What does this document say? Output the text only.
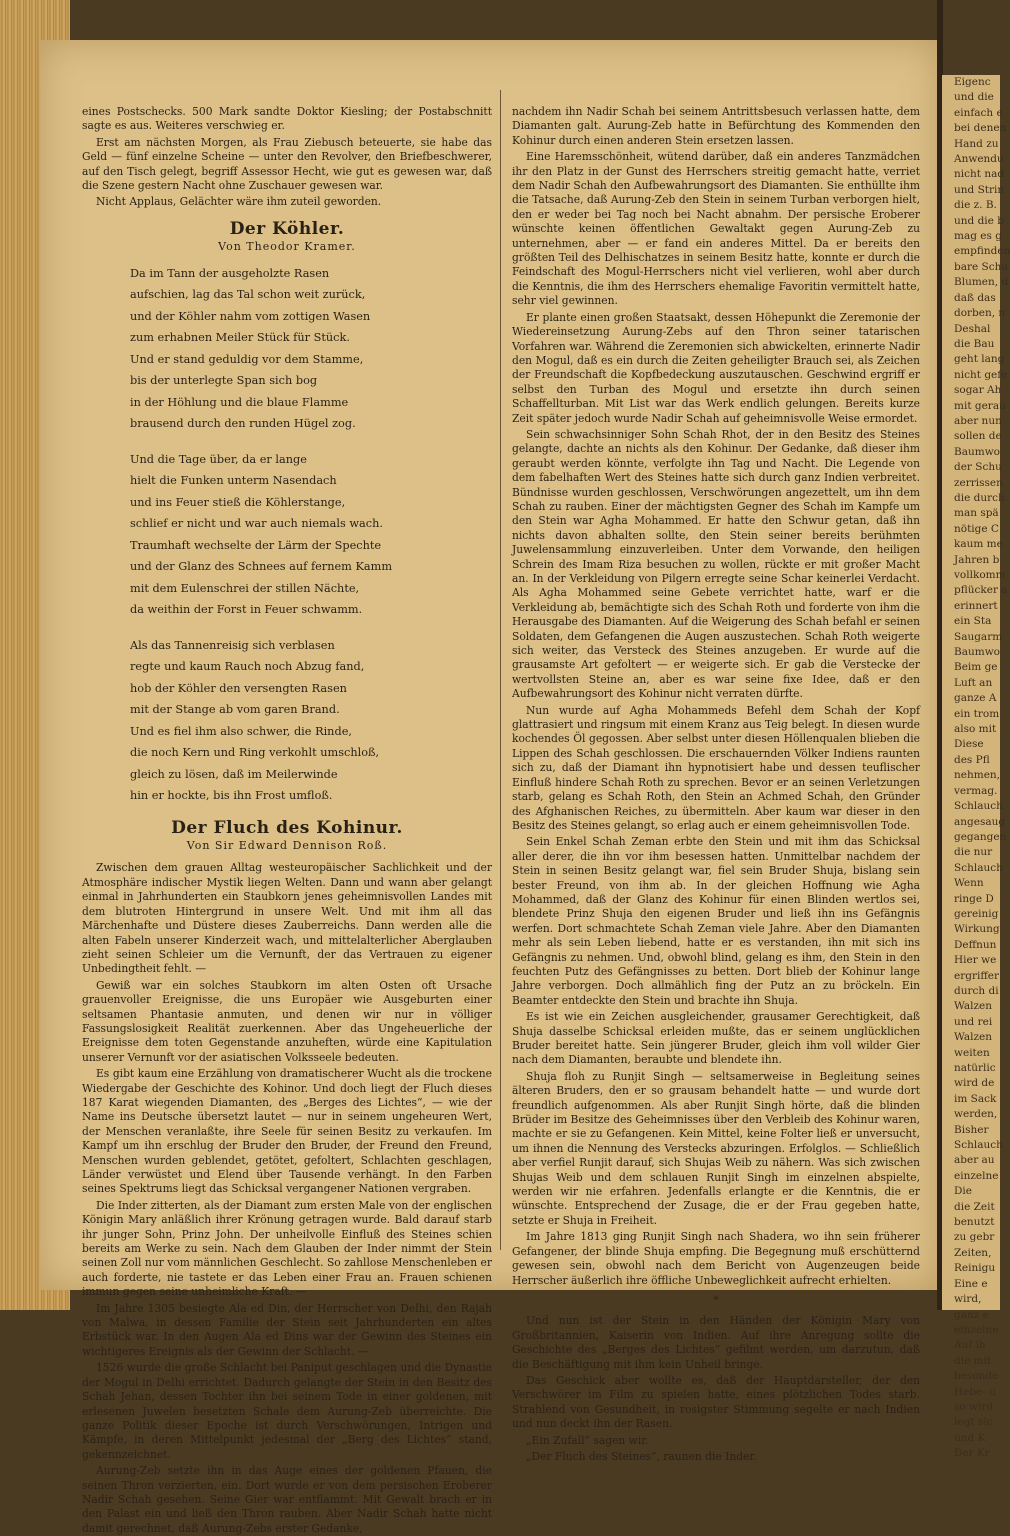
Eigenc
und die
einfach e
bei denen
Hand zu
Anwendu
nicht nad
und Strin
die z. B.
und die b
mag es g
empfinden
bare Schu
Blumen, d
daß das
dorben, n
Deshal
die Bau
geht lang
nicht gefe
sogar Ah
mit gerau
aber nun
sollen de
Baumwo
der Schu
zerrissen
die durch
man spä
nötige C
kaum me
Jahren b
vollkomm
pflücker a
erinnert
ein Sta
Saugarm
Baumwo
Beim ge
Luft an
ganze A
ein trom
also mit
Diese
des Pfl
nehmen,
vermag.
Schlauch
angesaug
gegangen
die nur
Schlauch
Wenn
ringe D
gereinig
Wirkung
Deffnun
Hier we
ergriffer
durch di
Walzen
und rei
Walzen
weiten
natürlic
wird de
im Sack
werden,
Bisher
Schlauch
aber au
einzelne
Die
die Zeit
benutzt
zu gebr
Zeiten,
Reinigu
Eine e
wird,
ganz e
einzelne
Auf ih
die mit
besonde
Hebe- u
so wird
legt sic
und K
Der Kr

eines Postschecks. 500 Mark sandte Doktor Kiesling; der Postabschnitt sagte es aus. Weiteres verschwieg er.

Erst am nächsten Morgen, als Frau Ziebusch beteuerte, sie habe das Geld — fünf einzelne Scheine — unter den Revolver, den Briefbeschwerer, auf den Tisch gelegt, begriff Assessor Hecht, wie gut es gewesen war, daß die Szene gestern Nacht ohne Zuschauer gewesen war.

Nicht Applaus, Gelächter wäre ihm zuteil geworden.

Der Köhler.
Von Theodor Kramer.
Da im Tann der ausgeholzte Rasen
aufschien, lag das Tal schon weit zurück,
und der Köhler nahm vom zottigen Wasen
zum erhabnen Meiler Stück für Stück.
Und er stand geduldig vor dem Stamme,
bis der unterlegte Span sich bog
in der Höhlung und die blaue Flamme
brausend durch den runden Hügel zog.
Und die Tage über, da er lange
hielt die Funken unterm Nasendach
und ins Feuer stieß die Köhlerstange,
schlief er nicht und war auch niemals wach.
Traumhaft wechselte der Lärm der Spechte
und der Glanz des Schnees auf fernem Kamm
mit dem Eulenschrei der stillen Nächte,
da weithin der Forst in Feuer schwamm.
Als das Tannenreisig sich verblasen
regte und kaum Rauch noch Abzug fand,
hob der Köhler den versengten Rasen
mit der Stange ab vom garen Brand.
Und es fiel ihm also schwer, die Rinde,
die noch Kern und Ring verkohlt umschloß,
gleich zu lösen, daß im Meilerwinde
hin er hockte, bis ihn Frost umfloß.
Der Fluch des Kohinur.
Von Sir Edward Dennison Roß.

Zwischen dem grauen Alltag westeuropäischer Sachlichkeit und der Atmosphäre indischer Mystik liegen Welten. Dann und wann aber gelangt einmal in Jahrhunderten ein Staubkorn jenes geheimnisvollen Landes mit dem blutroten Hintergrund in unsere Welt. Und mit ihm all das Märchenhafte und Düstere dieses Zauberreichs. Dann werden alle die alten Fabeln unserer Kinderzeit wach, und mittelalterlicher Aberglauben zieht seinen Schleier um die Vernunft, der das Vertrauen zu eigener Unbedingtheit fehlt. —

Gewiß war ein solches Staubkorn im alten Osten oft Ursache grauenvoller Ereignisse, die uns Europäer wie Ausgeburten einer seltsamen Phantasie anmuten, und denen wir nur in völliger Fassungslosigkeit Realität zuerkennen. Aber das Ungeheuerliche der Ereignisse dem toten Gegenstande anzuheften, würde eine Kapitulation unserer Vernunft vor der asiatischen Volksseele bedeuten.

Es gibt kaum eine Erzählung von dramatischerer Wucht als die trockene Wiedergabe der Geschichte des Kohinor. Und doch liegt der Fluch dieses 187 Karat wiegenden Diamanten, des „Berges des Lichtes“, — wie der Name ins Deutsche übersetzt lautet — nur in seinem ungeheuren Wert, der Menschen veranlaßte, ihre Seele für seinen Besitz zu verkaufen. Im Kampf um ihn erschlug der Bruder den Bruder, der Freund den Freund, Menschen wurden geblendet, getötet, gefoltert, Schlachten geschlagen, Länder verwüstet und Elend über Tausende verhängt. In den Farben seines Spektrums liegt das Schicksal vergangener Nationen vergraben.

Die Inder zitterten, als der Diamant zum ersten Male von der englischen Königin Mary anläßlich ihrer Krönung getragen wurde. Bald darauf starb ihr junger Sohn, Prinz John. Der unheilvolle Einfluß des Steines schien bereits am Werke zu sein. Nach dem Glauben der Inder nimmt der Stein seinen Zoll nur vom männlichen Geschlecht. So zahllose Menschenleben er auch forderte, nie tastete er das Leben einer Frau an. Frauen schienen immun gegen seine unheimliche Kraft. —

Im Jahre 1305 besiegte Ala ed Din, der Herrscher von Delhi, den Rajah von Malwa, in dessen Familie der Stein seit Jahrhunderten ein altes Erbstück war. In den Augen Ala ed Dins war der Gewinn des Steines ein wichtigeres Ereignis als der Gewinn der Schlacht. —

1526 wurde die große Schlacht bei Paniput geschlagen und die Dynastie der Mogul in Delhi errichtet. Dadurch gelangte der Stein in den Besitz des Schah Jehan, dessen Tochter ihn bei seinem Tode in einer goldenen, mit erlesenen Juwelen besetzten Schale dem Aurung-Zeb überreichte. Die ganze Politik dieser Epoche ist durch Verschwörungen, Intrigen und Kämpfe, in deren Mittelpunkt jedesmal der „Berg des Lichtes“ stand, gekennzeichnet.

Aurung-Zeb setzte ihn in das Auge eines der goldenen Pfauen, die seinen Thron verzierten, ein. Dort wurde er von dem persischen Eroberer Nadir Schah gesehen. Seine Gier war entflammt. Mit Gewalt brach er in den Palast ein und ließ den Thron rauben. Aber Nadir Schah hatte nicht damit gerechnet, daß Aurung-Zebs erster Gedanke,

nachdem ihn Nadir Schah bei seinem Antrittsbesuch verlassen hatte, dem Diamanten galt. Aurung-Zeb hatte in Befürchtung des Kommenden den Kohinur durch einen anderen Stein ersetzen lassen.

Eine Haremsschönheit, wütend darüber, daß ein anderes Tanzmädchen ihr den Platz in der Gunst des Herrschers streitig gemacht hatte, verriet dem Nadir Schah den Aufbewahrungsort des Diamanten. Sie enthüllte ihm die Tatsache, daß Aurung-Zeb den Stein in seinem Turban verborgen hielt, den er weder bei Tag noch bei Nacht abnahm. Der persische Eroberer wünschte keinen öffentlichen Gewaltakt gegen Aurung-Zeb zu unternehmen, aber — er fand ein anderes Mittel. Da er bereits den größten Teil des Delhischatzes in seinem Besitz hatte, konnte er durch die Feindschaft des Mogul-Herrschers nicht viel verlieren, wohl aber durch die Kenntnis, die ihm des Herrschers ehemalige Favoritin vermittelt hatte, sehr viel gewinnen.

Er plante einen großen Staatsakt, dessen Höhepunkt die Zeremonie der Wiedereinsetzung Aurung-Zebs auf den Thron seiner tatarischen Vorfahren war. Während die Zeremonien sich abwickelten, erinnerte Nadir den Mogul, daß es ein durch die Zeiten geheiligter Brauch sei, als Zeichen der Freundschaft die Kopfbedeckung auszutauschen. Geschwind ergriff er selbst den Turban des Mogul und ersetzte ihn durch seinen Schaffellturban. Mit List war das Werk endlich gelungen. Bereits kurze Zeit später jedoch wurde Nadir Schah auf geheimnisvolle Weise ermordet.

Sein schwachsinniger Sohn Schah Rhot, der in den Besitz des Steines gelangte, dachte an nichts als den Kohinur. Der Gedanke, daß dieser ihm geraubt werden könnte, verfolgte ihn Tag und Nacht. Die Legende von dem fabelhaften Wert des Steines hatte sich durch ganz Indien verbreitet. Bündnisse wurden geschlossen, Verschwörungen angezettelt, um ihn dem Schah zu rauben. Einer der mächtigsten Gegner des Schah im Kampfe um den Stein war Agha Mohammed. Er hatte den Schwur getan, daß ihn nichts davon abhalten sollte, den Stein seiner bereits berühmten Juwelensammlung einzuverleiben. Unter dem Vorwande, den heiligen Schrein des Imam Riza besuchen zu wollen, rückte er mit großer Macht an. In der Verkleidung von Pilgern erregte seine Schar keinerlei Verdacht. Als Agha Mohammed seine Gebete verrichtet hatte, warf er die Verkleidung ab, bemächtigte sich des Schah Roth und forderte von ihm die Herausgabe des Diamanten. Auf die Weigerung des Schah befahl er seinen Soldaten, dem Gefangenen die Augen auszustechen. Schah Roth weigerte sich weiter, das Versteck des Steines anzugeben. Er wurde auf die grausamste Art gefoltert — er weigerte sich. Er gab die Verstecke der wertvollsten Steine an, aber es war seine fixe Idee, daß er den Aufbewahrungsort des Kohinur nicht verraten dürfte.

Nun wurde auf Agha Mohammeds Befehl dem Schah der Kopf glattrasiert und ringsum mit einem Kranz aus Teig belegt. In diesen wurde kochendes Öl gegossen. Aber selbst unter diesen Höllenqualen blieben die Lippen des Schah geschlossen. Die erschauernden Völker Indiens raunten sich zu, daß der Diamant ihn hypnotisiert habe und dessen teuflischer Einfluß hindere Schah Roth zu sprechen. Bevor er an seinen Verletzungen starb, gelang es Schah Roth, den Stein an Achmed Schah, den Gründer des Afghanischen Reiches, zu übermitteln. Aber kaum war dieser in den Besitz des Steines gelangt, so erlag auch er einem geheimnisvollen Tode.

Sein Enkel Schah Zeman erbte den Stein und mit ihm das Schicksal aller derer, die ihn vor ihm besessen hatten. Unmittelbar nachdem der Stein in seinen Besitz gelangt war, fiel sein Bruder Shuja, bislang sein bester Freund, von ihm ab. In der gleichen Hoffnung wie Agha Mohammed, daß der Glanz des Kohinur für einen Blinden wertlos sei, blendete Prinz Shuja den eigenen Bruder und ließ ihn ins Gefängnis werfen. Dort schmachtete Schah Zeman viele Jahre. Aber den Diamanten mehr als sein Leben liebend, hatte er es verstanden, ihn mit sich ins Gefängnis zu nehmen. Und, obwohl blind, gelang es ihm, den Stein in den feuchten Putz des Gefängnisses zu betten. Dort blieb der Kohinur lange Jahre verborgen. Doch allmählich fing der Putz an zu bröckeln. Ein Beamter entdeckte den Stein und brachte ihn Shuja.

Es ist wie ein Zeichen ausgleichender, grausamer Gerechtigkeit, daß Shuja dasselbe Schicksal erleiden mußte, das er seinem unglücklichen Bruder bereitet hatte. Sein jüngerer Bruder, gleich ihm voll wilder Gier nach dem Diamanten, beraubte und blendete ihn.

Shuja floh zu Runjit Singh — seltsamerweise in Begleitung seines älteren Bruders, den er so grausam behandelt hatte — und wurde dort freundlich aufgenommen. Als aber Runjit Singh hörte, daß die blinden Brüder im Besitze des Geheimnisses über den Verbleib des Kohinur waren, machte er sie zu Gefangenen. Kein Mittel, keine Folter ließ er unversucht, um ihnen die Nennung des Verstecks abzuringen. Erfolglos. — Schließlich aber verfiel Runjit darauf, sich Shujas Weib zu nähern. Was sich zwischen Shujas Weib und dem schlauen Runjit Singh im einzelnen abspielte, werden wir nie erfahren. Jedenfalls erlangte er die Kenntnis, die er wünschte. Entsprechend der Zusage, die er der Frau gegeben hatte, setzte er Shuja in Freiheit.

Im Jahre 1813 ging Runjit Singh nach Shadera, wo ihn sein früherer Gefangener, der blinde Shuja empfing. Die Begegnung muß erschütternd gewesen sein, obwohl nach dem Bericht von Augenzeugen beide Herrscher äußerlich ihre öffliche Unbeweglichkeit aufrecht erhielten.

*

Und nun ist der Stein in den Händen der Königin Mary von Großbritannien, Kaiserin von Indien. Auf ihre Anregung sollte die Geschichte des „Berges des Lichtes“ gefilmt werden, um darzutun, daß die Beschäftigung mit ihm kein Unheil bringe.

Das Geschick aber wollte es, daß der Hauptdarsteller, der den Verschwörer im Film zu spielen hatte, eines plötzlichen Todes starb. Strahlend von Gesundheit, in rosigster Stimmung segelte er nach Indien und nun deckt ihn der Rasen.

„Ein Zufall“ sagen wir.

„Der Fluch des Steines“, raunen die Inder.
